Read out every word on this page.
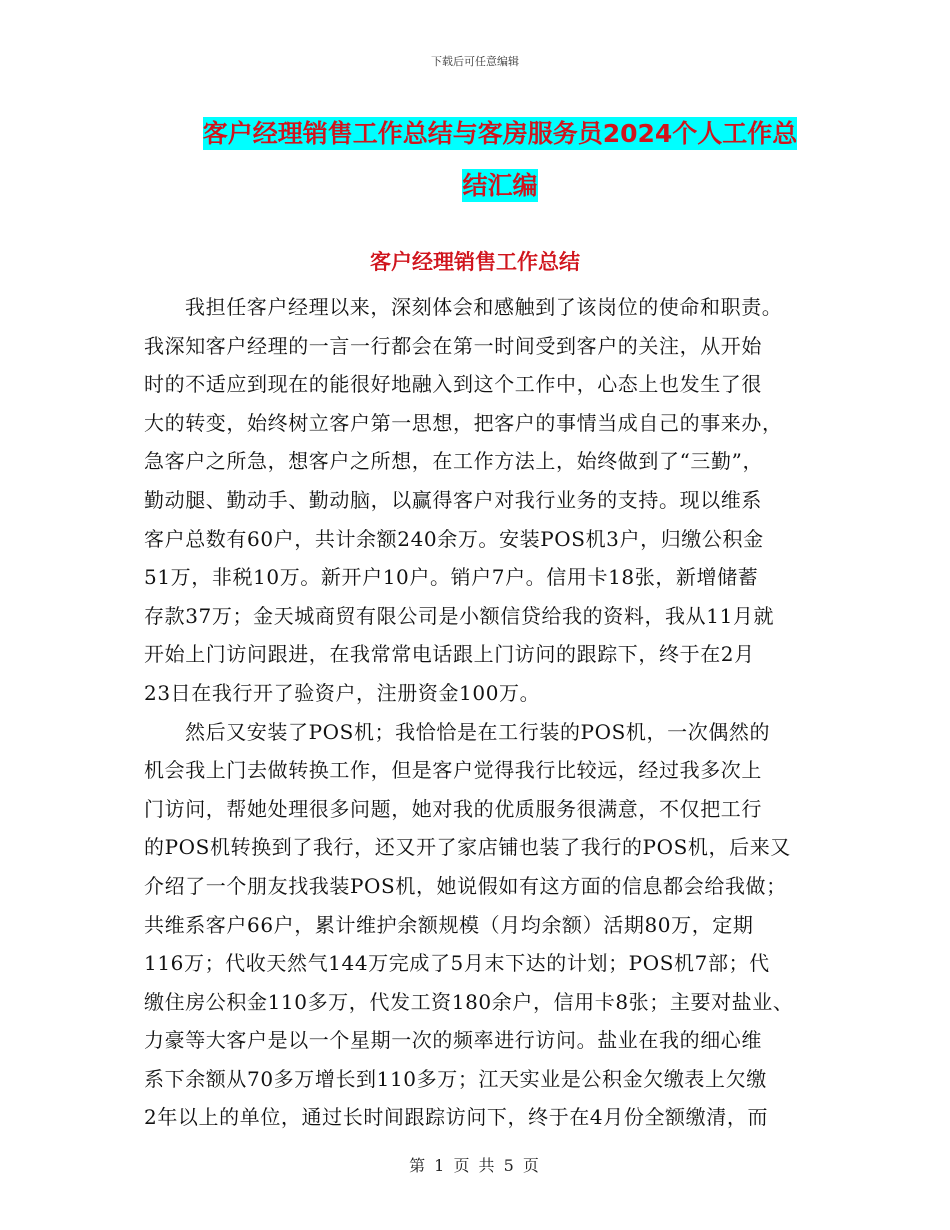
下载后可任意编辑
客户经理销售工作总结与客房服务员2024个人工作总
结汇编
客户经理销售工作总结
我担任客户经理以来，深刻体会和感触到了该岗位的使命和职责。
我深知客户经理的一言一行都会在第一时间受到客户的关注，从开始
时的不适应到现在的能很好地融入到这个工作中，心态上也发生了很
大的转变，始终树立客户第一思想，把客户的事情当成自己的事来办，
急客户之所急，想客户之所想，在工作方法上，始终做到了“三勤”，
勤动腿、勤动手、勤动脑，以赢得客户对我行业务的支持。现以维系
客户总数有60户，共计余额240余万。安装POS机3户，归缴公积金
51万，非税10万。新开户10户。销户7户。信用卡18张，新增储蓄
存款37万；金天城商贸有限公司是小额信贷给我的资料，我从11月就
开始上门访问跟进，在我常常电话跟上门访问的跟踪下，终于在2月
23日在我行开了验资户，注册资金100万。
然后又安装了POS机；我恰恰是在工行装的POS机，一次偶然的
机会我上门去做转换工作，但是客户觉得我行比较远，经过我多次上
门访问，帮她处理很多问题，她对我的优质服务很满意，不仅把工行
的POS机转换到了我行，还又开了家店铺也装了我行的POS机，后来又
介绍了一个朋友找我装POS机，她说假如有这方面的信息都会给我做；
共维系客户66户，累计维护余额规模（月均余额）活期80万，定期
116万；代收天然气144万完成了5月末下达的计划；POS机7部；代
缴住房公积金110多万，代发工资180余户，信用卡8张；主要对盐业、
力豪等大客户是以一个星期一次的频率进行访问。盐业在我的细心维
系下余额从70多万增长到110多万；江天实业是公积金欠缴表上欠缴
2年以上的单位，通过长时间跟踪访问下，终于在4月份全额缴清，而
第 1 页 共 5 页
